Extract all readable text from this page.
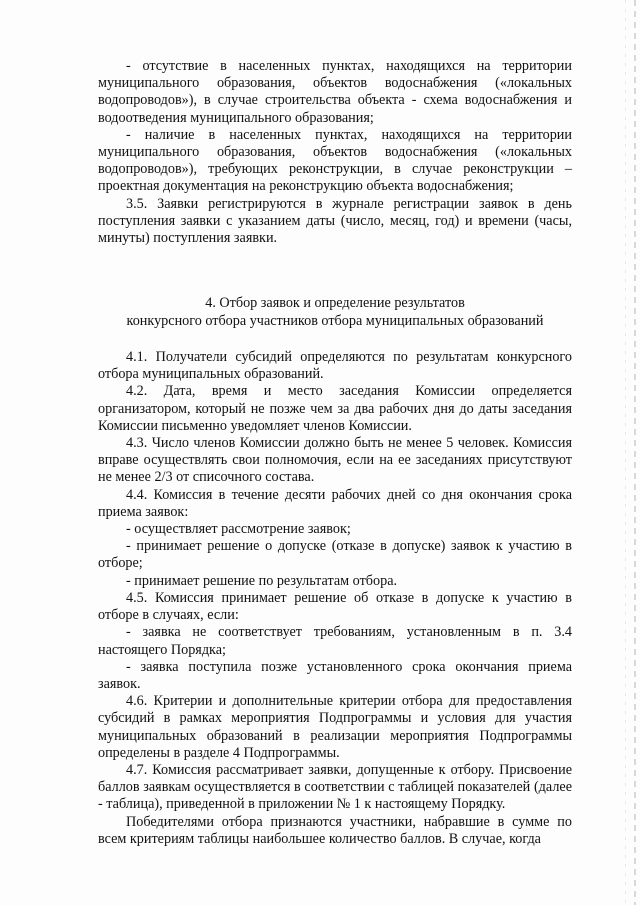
- отсутствие в населенных пунктах, находящихся на территории муниципального образования, объектов водоснабжения («локальных водопроводов»), в случае строительства объекта - схема водоснабжения и водоотведения муниципального образования;

- наличие в населенных пунктах, находящихся на территории муниципального образования, объектов водоснабжения («локальных водопроводов»), требующих реконструкции, в случае реконструкции – проектная документация на реконструкцию объекта водоснабжения;

3.5. Заявки регистрируются в журнале регистрации заявок в день поступления заявки с указанием даты (число, месяц, год) и времени (часы, минуты) поступления заявки.

4. Отбор заявок и определение результатов
конкурсного отбора участников отбора муниципальных образований

4.1. Получатели субсидий определяются по результатам конкурсного отбора муниципальных образований.

4.2. Дата, время и место заседания Комиссии определяется организатором, который не позже чем за два рабочих дня до даты заседания Комиссии письменно уведомляет членов Комиссии.

4.3. Число членов Комиссии должно быть не менее 5 человек. Комиссия вправе осуществлять свои полномочия, если на ее заседаниях присутствуют не менее 2/3 от списочного состава.

4.4. Комиссия в течение десяти рабочих дней со дня окончания срока приема заявок:

- осуществляет рассмотрение заявок;

- принимает решение о допуске (отказе в допуске) заявок к участию в отборе;

- принимает решение по результатам отбора.

4.5. Комиссия принимает решение об отказе в допуске к участию в отборе в случаях, если:

- заявка не соответствует требованиям, установленным в п. 3.4 настоящего Порядка;

- заявка поступила позже установленного срока окончания приема заявок.

4.6. Критерии и дополнительные критерии отбора для предоставления субсидий в рамках мероприятия Подпрограммы и условия для участия муниципальных образований в реализации мероприятия Подпрограммы определены в разделе 4 Подпрограммы.

4.7. Комиссия рассматривает заявки, допущенные к отбору. Присвоение баллов заявкам осуществляется в соответствии с таблицей показателей (далее - таблица), приведенной в приложении № 1 к настоящему Порядку.

Победителями отбора признаются участники, набравшие в сумме по всем критериям таблицы наибольшее количество баллов. В случае, когда
